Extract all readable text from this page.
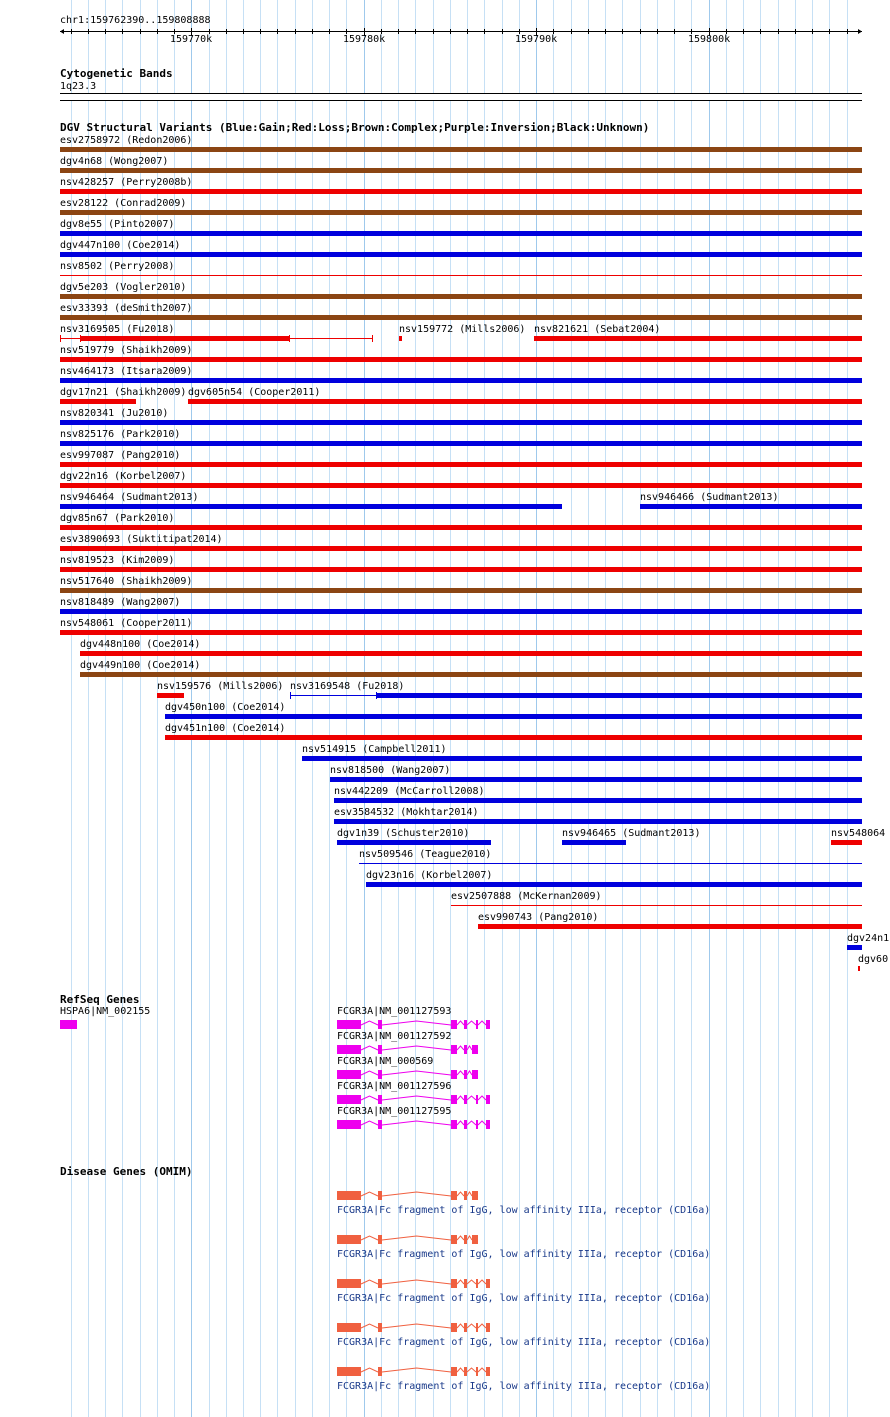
chr1:159762390..159808888
159770k	159780k	159790k	159800k
Cytogenetic Bands
1q23.3
DGV Structural Variants (Blue:Gain;Red:Loss;Brown:Complex;Purple:Inversion;Black:Unknown)
esv2758972 (Redon2006)
dgv4n68 (Wong2007)
nsv428257 (Perry2008b)
esv28122 (Conrad2009)
dgv8e55 (Pinto2007)
dgv447n100 (Coe2014)
nsv8502 (Perry2008)
dgv5e203 (Vogler2010)
esv33393 (deSmith2007)
nsv3169505 (Fu2018)	nsv159772 (Mills2006) nsv821621 (Sebat2004)
nsv519779 (Shaikh2009)
nsv464173 (Itsara2009)
dgv17n21 (Shaikh2009) dgv605n54 (Cooper2011)
nsv820341 (Ju2010)
nsv825176 (Park2010)
esv997087 (Pang2010)
dgv22n16 (Korbel2007)
nsv946464 (Sudmant2013)	nsv946466 (Sudmant2013)
dgv85n67 (Park2010)
esv3890693 (Suktitipat2014)
nsv819523 (Kim2009)
nsv517640 (Shaikh2009)
nsv818489 (Wang2007)
nsv548061 (Cooper2011)
dgv448n100 (Coe2014)
dgv449n100 (Coe2014)
nsv159576 (Mills2006) nsv3169548 (Fu2018)
dgv450n100 (Coe2014)
dgv451n100 (Coe2014)
nsv514915 (Campbell2011)
nsv818500 (Wang2007)
nsv442209 (McCarroll2008)
esv3584532 (Mokhtar2014)
dgv1n39 (Schuster2010)	nsv946465 (Sudmant2013)	nsv548064
nsv509546 (Teague2010)
dgv23n16 (Korbel2007)
esv2507888 (McKernan2009)
esv990743 (Pang2010)
dgv24n1
dgv60
RefSeq Genes
HSPA6|NM_002155	FCGR3A|NM_001127593
FCGR3A|NM_001127592
FCGR3A|NM_000569
FCGR3A|NM_001127596
FCGR3A|NM_001127595
Disease Genes (OMIM)
FCGR3A|Fc fragment of IgG, low affinity IIIa, receptor (CD16a)
FCGR3A|Fc fragment of IgG, low affinity IIIa, receptor (CD16a)
FCGR3A|Fc fragment of IgG, low affinity IIIa, receptor (CD16a)
FCGR3A|Fc fragment of IgG, low affinity IIIa, receptor (CD16a)
FCGR3A|Fc fragment of IgG, low affinity IIIa, receptor (CD16a)
